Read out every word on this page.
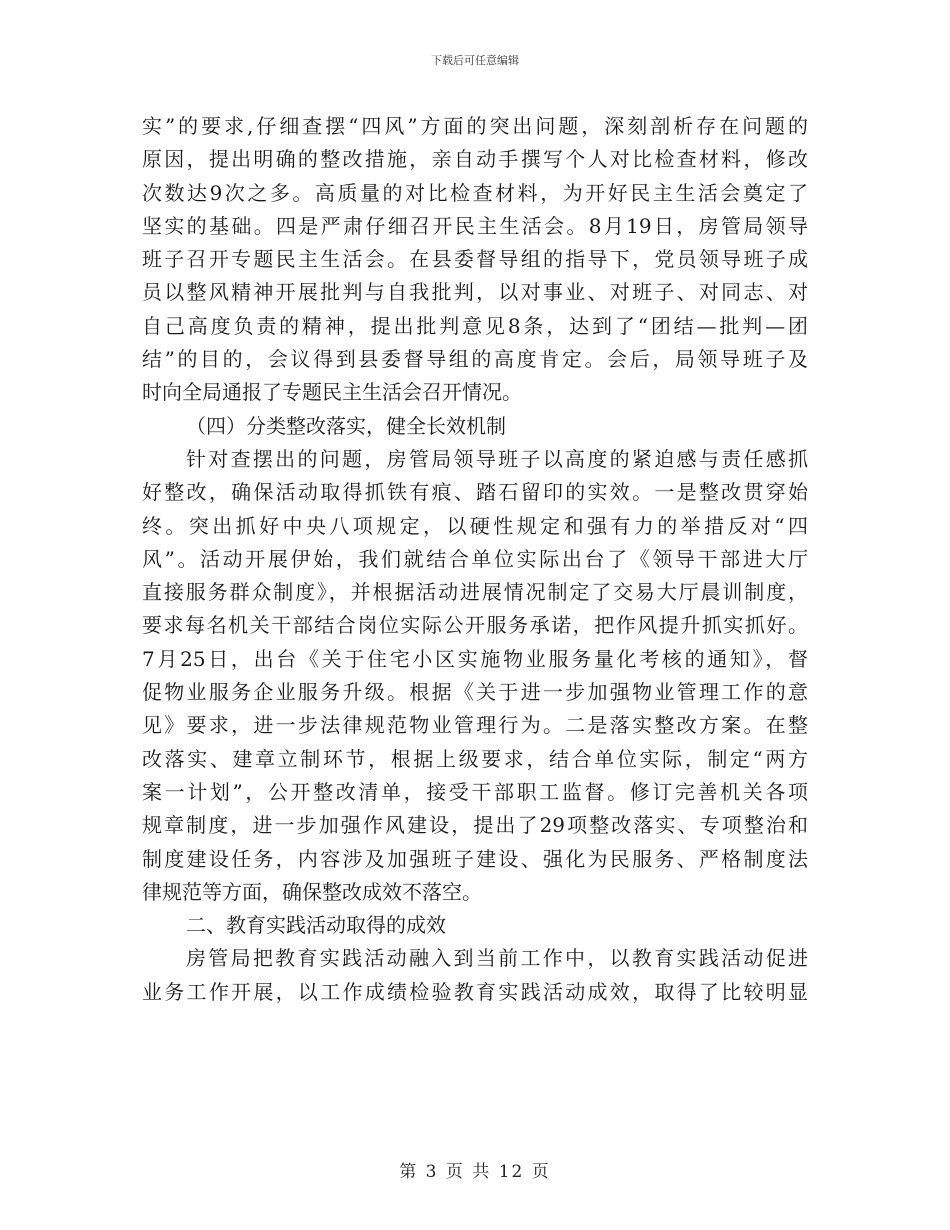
下载后可任意编辑
实”的要求,仔细查摆“四风”方面的突出问题，深刻剖析存在问题的
原因，提出明确的整改措施，亲自动手撰写个人对比检查材料，修改
次数达9次之多。高质量的对比检查材料，为开好民主生活会奠定了
坚实的基础。四是严肃仔细召开民主生活会。8月19日，房管局领导
班子召开专题民主生活会。在县委督导组的指导下，党员领导班子成
员以整风精神开展批判与自我批判，以对事业、对班子、对同志、对
自己高度负责的精神，提出批判意见8条，达到了“团结—批判—团
结”的目的，会议得到县委督导组的高度肯定。会后，局领导班子及
时向全局通报了专题民主生活会召开情况。
（四）分类整改落实，健全长效机制
针对查摆出的问题，房管局领导班子以高度的紧迫感与责任感抓
好整改，确保活动取得抓铁有痕、踏石留印的实效。一是整改贯穿始
终。突出抓好中央八项规定，以硬性规定和强有力的举措反对“四
风”。活动开展伊始，我们就结合单位实际出台了《领导干部进大厅
直接服务群众制度》，并根据活动进展情况制定了交易大厅晨训制度，
要求每名机关干部结合岗位实际公开服务承诺，把作风提升抓实抓好。
7月25日，出台《关于住宅小区实施物业服务量化考核的通知》，督
促物业服务企业服务升级。根据《关于进一步加强物业管理工作的意
见》要求，进一步法律规范物业管理行为。二是落实整改方案。在整
改落实、建章立制环节，根据上级要求，结合单位实际，制定“两方
案一计划”，公开整改清单，接受干部职工监督。修订完善机关各项
规章制度，进一步加强作风建设，提出了29项整改落实、专项整治和
制度建设任务，内容涉及加强班子建设、强化为民服务、严格制度法
律规范等方面，确保整改成效不落空。
二、教育实践活动取得的成效
房管局把教育实践活动融入到当前工作中，以教育实践活动促进
业务工作开展，以工作成绩检验教育实践活动成效，取得了比较明显
第 3 页 共 12 页
